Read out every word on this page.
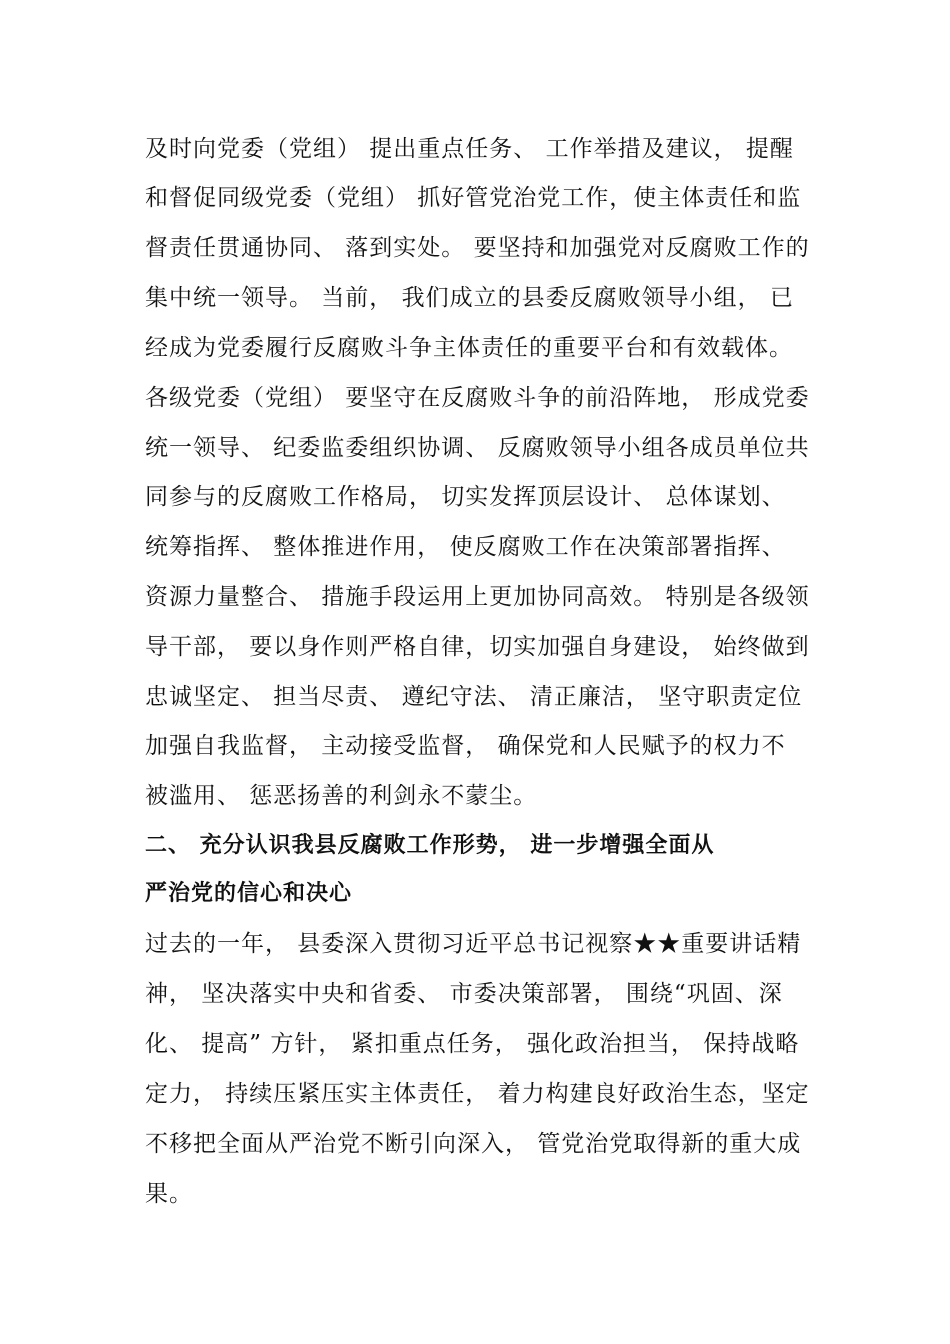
及时向党委（党组） 提出重点任务、 工作举措及建议， 提醒
和督促同级党委（党组） 抓好管党治党工作，使主体责任和监
督责任贯通协同、 落到实处。 要坚持和加强党对反腐败工作的
集中统一领导。 当前， 我们成立的县委反腐败领导小组， 已
经成为党委履行反腐败斗争主体责任的重要平台和有效载体。
各级党委（党组） 要坚守在反腐败斗争的前沿阵地， 形成党委
统一领导、 纪委监委组织协调、 反腐败领导小组各成员单位共
同参与的反腐败工作格局， 切实发挥顶层设计、 总体谋划、
统筹指挥、 整体推进作用， 使反腐败工作在决策部署指挥、
资源力量整合、 措施手段运用上更加协同高效。 特别是各级领
导干部， 要以身作则严格自律，切实加强自身建设， 始终做到
忠诚坚定、 担当尽责、 遵纪守法、 清正廉洁， 坚守职责定位
加强自我监督， 主动接受监督， 确保党和人民赋予的权力不
被滥用、 惩恶扬善的利剑永不蒙尘。
二、 充分认识我县反腐败工作形势， 进一步增强全面从
严治党的信心和决心
过去的一年， 县委深入贯彻习近平总书记视察★★重要讲话精
神， 坚决落实中央和省委、 市委决策部署， 围绕“巩固、深
化、 提高” 方针， 紧扣重点任务， 强化政治担当， 保持战略
定力， 持续压紧压实主体责任， 着力构建良好政治生态，坚定
不移把全面从严治党不断引向深入， 管党治党取得新的重大成
果。
